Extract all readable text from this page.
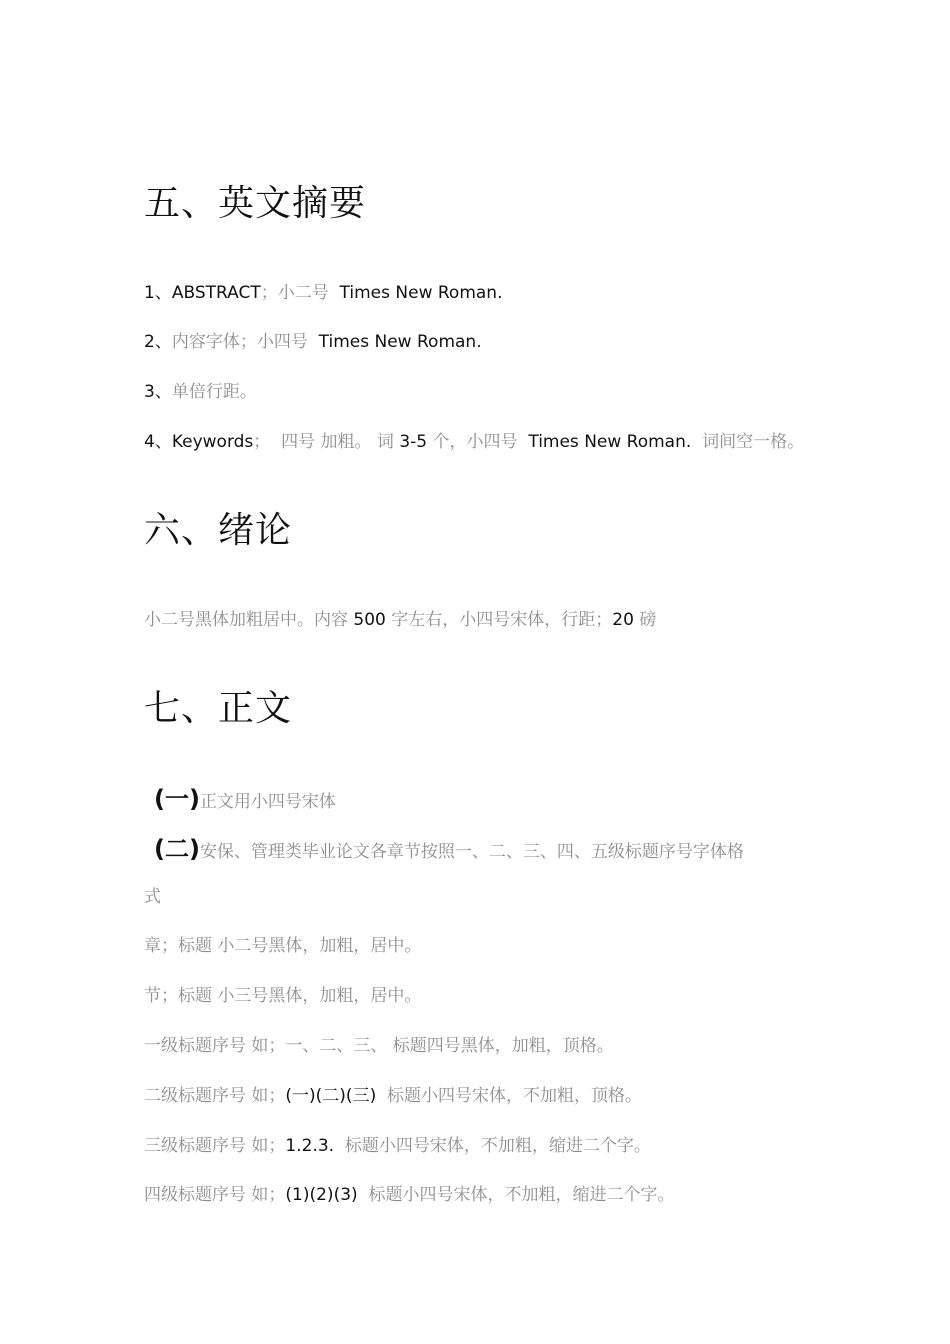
五、英文摘要
1、ABSTRACT；小二号 Times New Roman.
2、内容字体；小四号 Times New Roman.
3、单倍行距。
4、Keywords； 四号 加粗。 词 3-5 个，小四号 Times New Roman. 词间空一格。
六、绪论
小二号黑体加粗居中。内容 500 字左右，小四号宋体，行距；20 磅
七、正文
(一)正文用小四号宋体
(二)安保、管理类毕业论文各章节按照一、二、三、四、五级标题序号字体格
式
章；标题 小二号黑体，加粗，居中。
节；标题 小三号黑体，加粗，居中。
一级标题序号 如；一、二、三、 标题四号黑体，加粗，顶格。
二级标题序号 如；(一)(二)(三) 标题小四号宋体，不加粗，顶格。
三级标题序号 如；1.2.3. 标题小四号宋体，不加粗，缩进二个字。
四级标题序号 如；(1)(2)(3) 标题小四号宋体，不加粗，缩进二个字。
